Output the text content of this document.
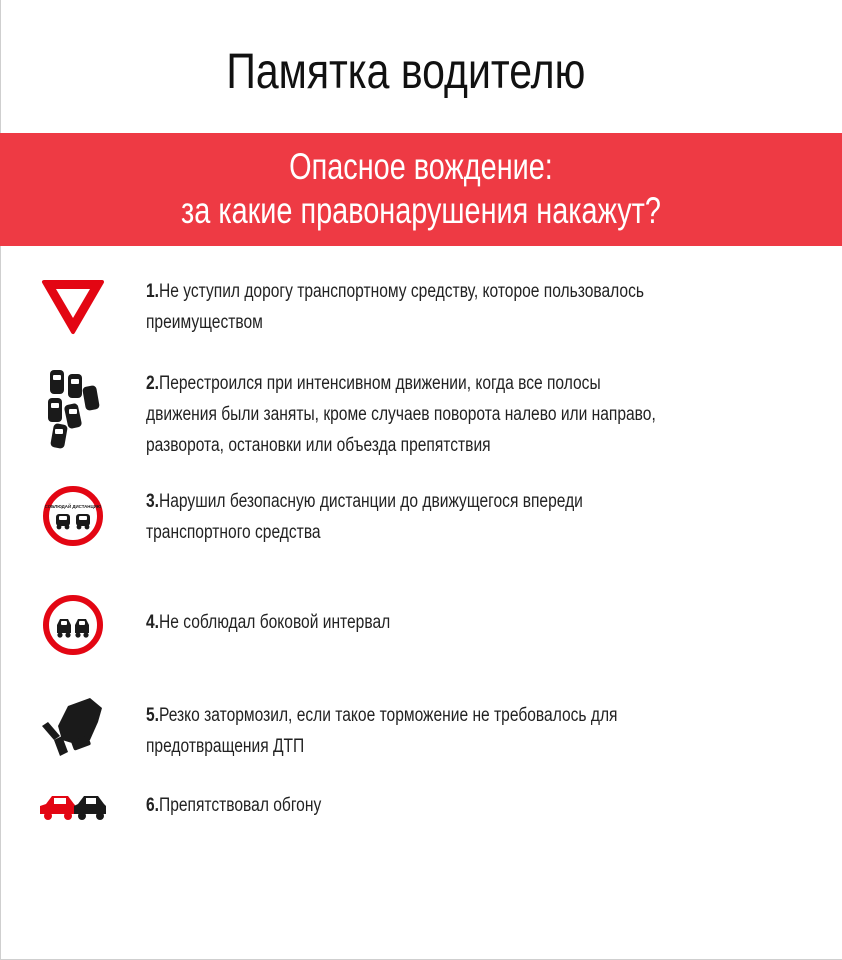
Памятка водителю
Опасное вождение:
за какие правонарушения накажут?
1.Не уступил дорогу транспортному средству, которое пользовалось
преимуществом
2.Перестроился при интенсивном движении, когда все полосы
движения были заняты, кроме случаев поворота налево или направо,
разворота, остановки или объезда препятствия
СОБЛЮДАЙ ДИСТАНЦИЮ 3.Нарушил безопасную дистанции до движущегося впереди
транспортного средства
4.Не соблюдал боковой интервал
5.Резко затормозил, если такое торможение не требовалось для
предотвращения ДТП
6.Препятствовал обгону
